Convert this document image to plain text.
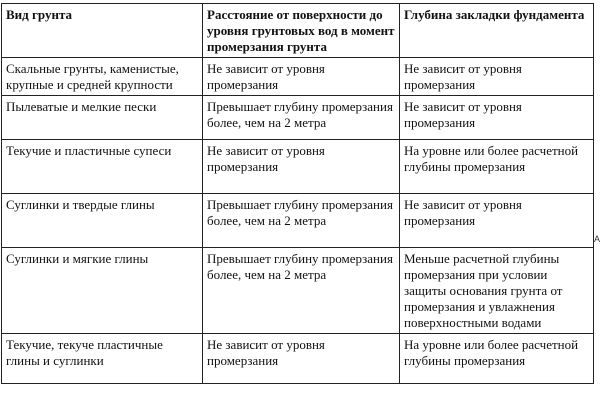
Вид грунта	Расстояние от поверхности до уровня грунтовых вод в момент промерзания грунта	Глубина закладки фундамента
Скальные грунты, каменистые, крупные и средней крупности	Не зависит от уровня промерзания	Не зависит от уровня промерзания
Пылеватые и мелкие пески	Превышает глубину промерзания более, чем на 2 метра	Не зависит от уровня промерзания
Текучие и пластичные супеси	Не зависит от уровня промерзания	На уровне или более расчетной глубины промерзания
Суглинки и твердые глины	Превышает глубину промерзания более, чем на 2 метра	Не зависит от уровня промерзания
Суглинки и мягкие глины	Превышает глубину промерзания более, чем на 2 метра	Меньше расчетной глубины промерзания при условии защиты основания грунта от промерзания и увлажнения поверхностными водами
Текучие, текуче пластичные глины и суглинки	Не зависит от уровня промерзания	На уровне или более расчетной глубины промерзания
A
